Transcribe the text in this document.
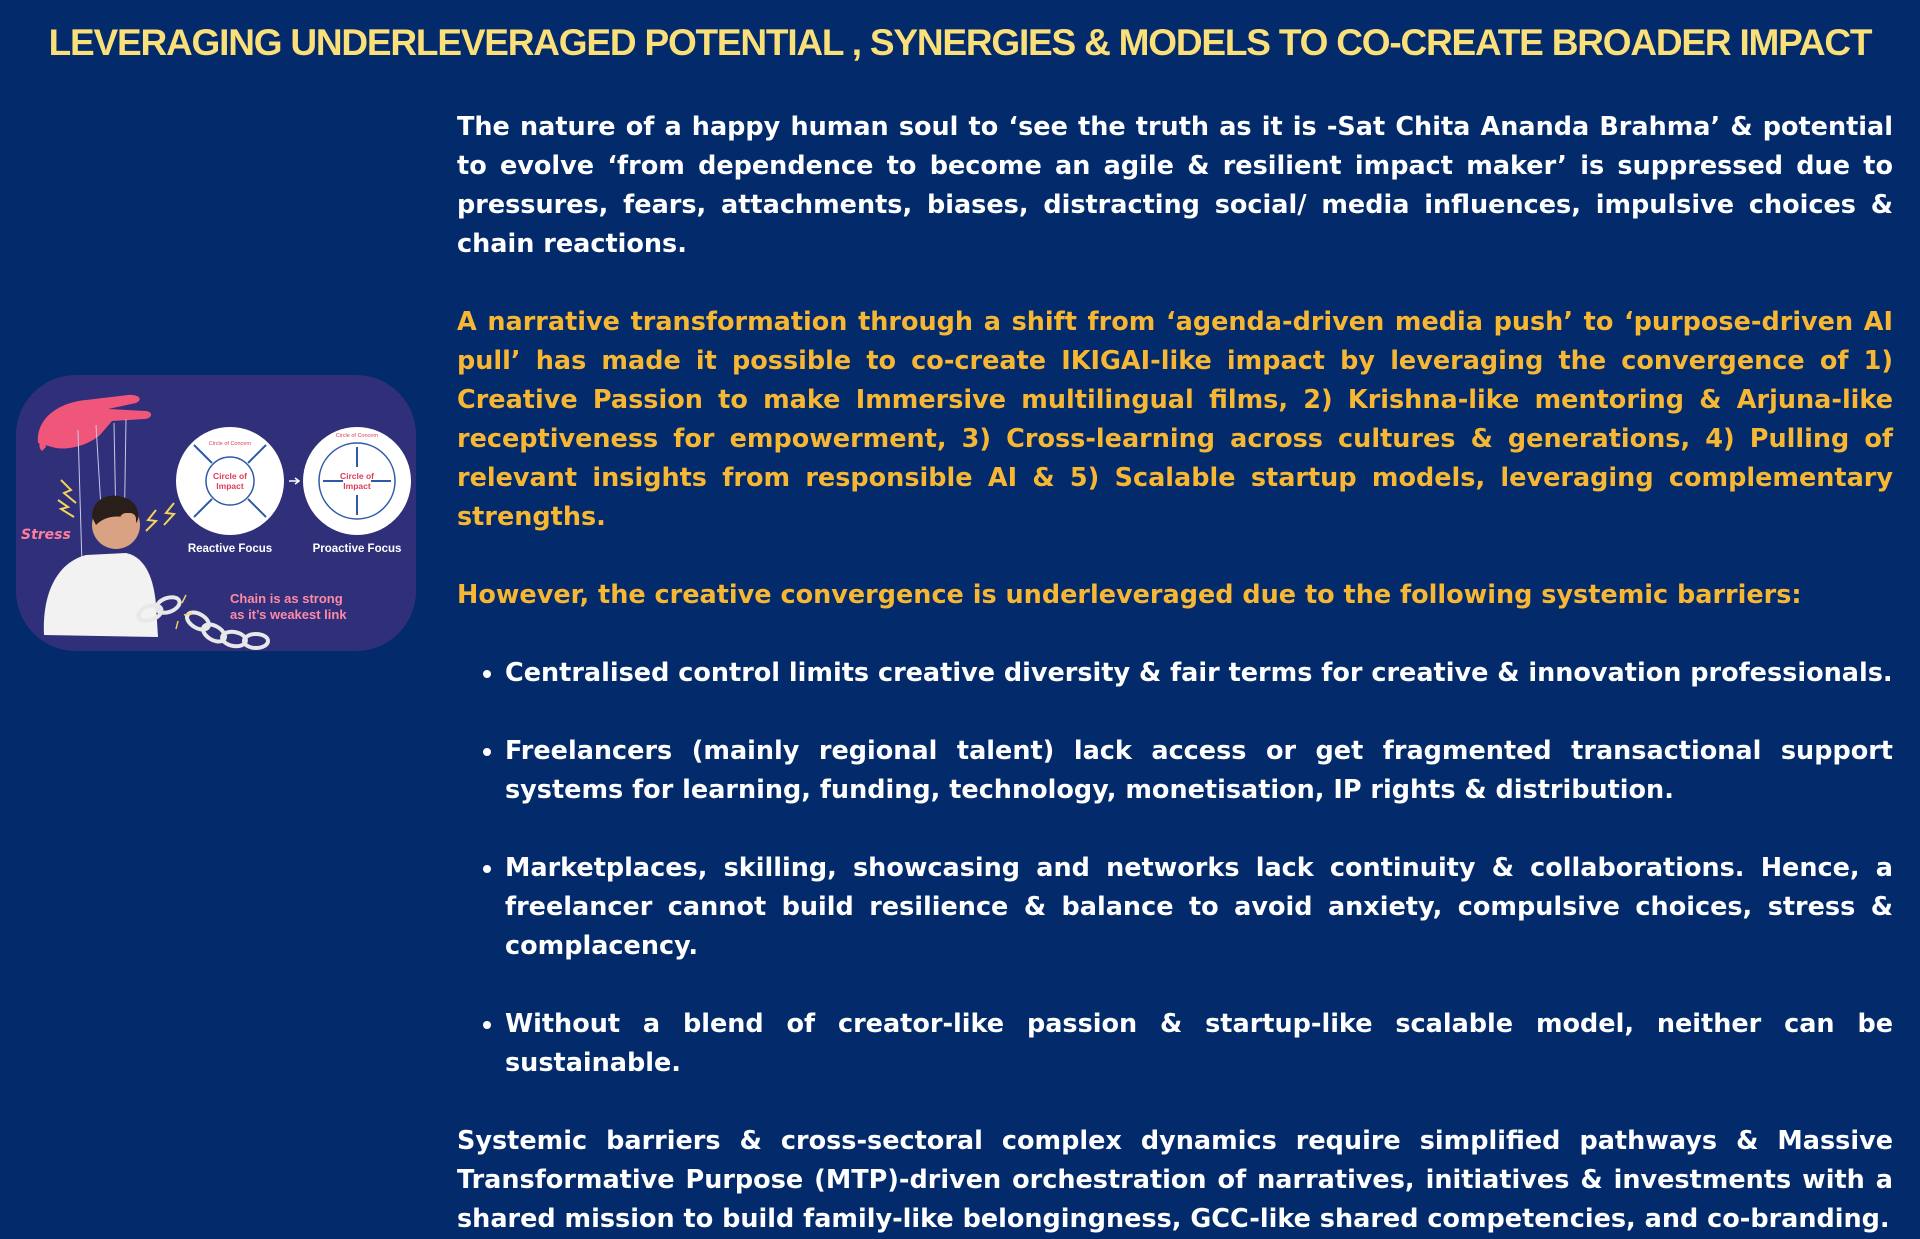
LEVERAGING UNDERLEVERAGED POTENTIAL , SYNERGIES & MODELS TO CO-CREATE BROADER IMPACT
Stress
Circle of Concern
Circle of Impact
Reactive Focus
Circle of Concern
Circle of Impact
Proactive Focus
Chain is as strong
as it’s weakest link

The nature of a happy human soul to ‘see the truth as it is -Sat Chita Ananda Brahma’ & potential to evolve ‘from dependence to become an agile & resilient impact maker’ is suppressed due to pressures, fears, attachments, biases, distracting social/ media influences, impulsive choices & chain reactions.

A narrative transformation through a shift from ‘agenda-driven media push’ to ‘purpose-driven AI pull’ has made it possible to co-create IKIGAI-like impact by leveraging the convergence of 1) Creative Passion to make Immersive multilingual films, 2) Krishna-like mentoring & Arjuna-like receptiveness for empowerment, 3) Cross-learning across cultures & generations, 4) Pulling of relevant insights from responsible AI & 5) Scalable startup models, leveraging complementary strengths.

However, the creative convergence is underleveraged due to the following systemic barriers:

• Centralised control limits creative diversity & fair terms for creative & innovation professionals.
• Freelancers (mainly regional talent) lack access or get fragmented transactional support systems for learning, funding, technology, monetisation, IP rights & distribution.
• Marketplaces, skilling, showcasing and networks lack continuity & collaborations. Hence, a freelancer cannot build resilience & balance to avoid anxiety, compulsive choices, stress & complacency.
• Without a blend of creator-like passion & startup-like scalable model, neither can be sustainable.

Systemic barriers & cross-sectoral complex dynamics require simplified pathways & Massive Transformative Purpose (MTP)-driven orchestration of narratives, initiatives & investments with a shared mission to build family-like belongingness, GCC-like shared competencies, and co-branding.
